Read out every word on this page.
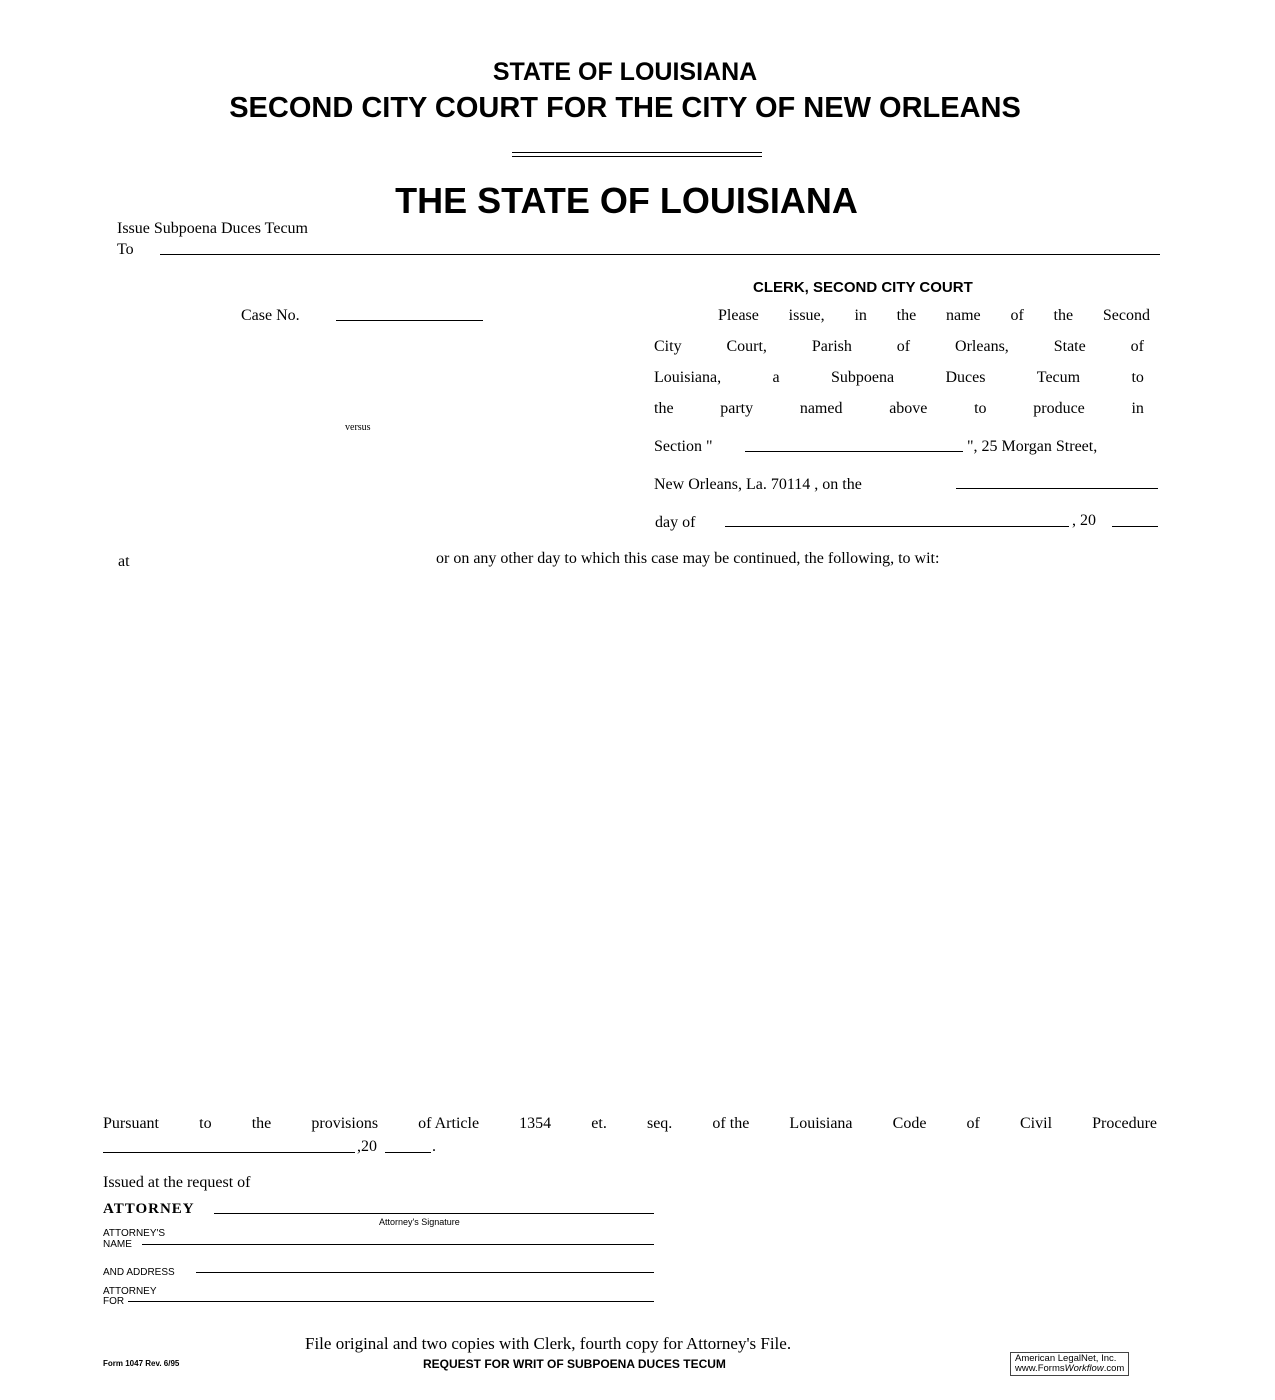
STATE OF LOUISIANA
SECOND CITY COURT FOR THE CITY OF NEW ORLEANS
THE STATE OF LOUISIANA
Issue Subpoena Duces Tecum
To
CLERK, SECOND CITY COURT
Case No.
versus
Please issue, in the name of the Second
City	Court,	Parish	of	Orleans,	State	of
Louisiana,	a	Subpoena	Duces	Tecum	to
the	party	named	above	to	produce	in
Section "	", 25 Morgan Street,
New Orleans, La. 70114 , on the
day of	, 20
at	or on any other day to which this case may be continued, the following, to wit:
Pursuant	to	the	provisions	of Article	1354	et.	seq.	of the	Louisiana	Code	of	Civil	Procedure
,20	.
Issued at the request of
ATTORNEY
Attorney's Signature
ATTORNEY'S
NAME
AND ADDRESS
ATTORNEY
FOR
File original and two copies with Clerk, fourth copy for Attorney's File.
Form 1047 Rev. 6/95	REQUEST FOR WRIT OF SUBPOENA DUCES TECUM	American LegalNet, Inc.
www.FormsWorkflow.com
